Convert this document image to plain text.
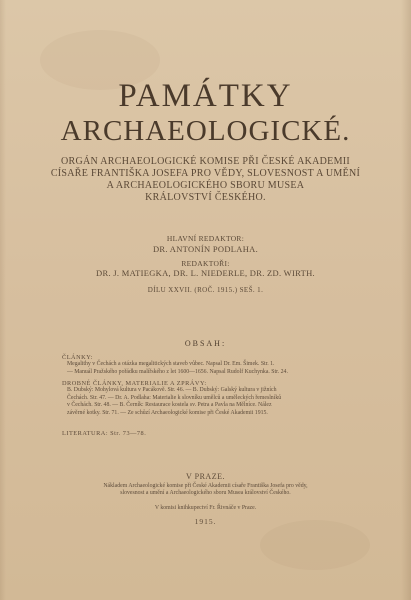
PAMÁTKY
ARCHAEOLOGICKÉ.
ORGÁN ARCHAEOLOGICKÉ KOMISE PŘI ČESKÉ AKADEMII
CÍSAŘE FRANTIŠKA JOSEFA PRO VĚDY, SLOVESNOST A UMĚNÍ
A ARCHAEOLOGICKÉHO SBORU MUSEA
KRÁLOVSTVÍ ČESKÉHO.
HLAVNÍ REDAKTOR:
DR. ANTONÍN PODLAHA.
REDAKTOŘI:
DR. J. MATIEGKA, DR. L. NIEDERLE, DR. ZD. WIRTH.
DÍLU XXVII. (ROČ. 1915.) SEŠ. 1.
OBSAH:
ČLÁNKY:
Megalithy v Čechách a otázka megalitických staveb vůbec. Napsal Dr. Em. Šimek. Str. 1.
— Manuál Pražského pořádku malířského z let 1600—1656. Napsal Rudolf Kuchynka. Str. 24.
DROBNÉ ČLÁNKY, MATERIALIE A ZPRÁVY:
B. Dubský: Mohylová kultura v Pacákově. Str. 46. — B. Dubský: Galský kultura v jižních
Čechách. Str. 47. — Dr. A. Podlaha: Materialie k slovníku umělců a uměleckých řemeslníků
v Čechách. Str. 48. — B. Černík: Restaurace kostela sv. Petra a Pavla na Mělníce. Nález
závěrné kotky. Str. 71. — Ze schůzí Archaeologické komise při České Akademii 1915.
LITERATURA: Str. 73—78.
V PRAZE.
Nákladem Archaeologické komise při České Akademii císaře Františka Josefa pro vědy,
slovesnost a umění a Archaeologického sboru Musea království Českého.
V komisi knihkupectví Fr. Řivnáče v Praze.
1915.
